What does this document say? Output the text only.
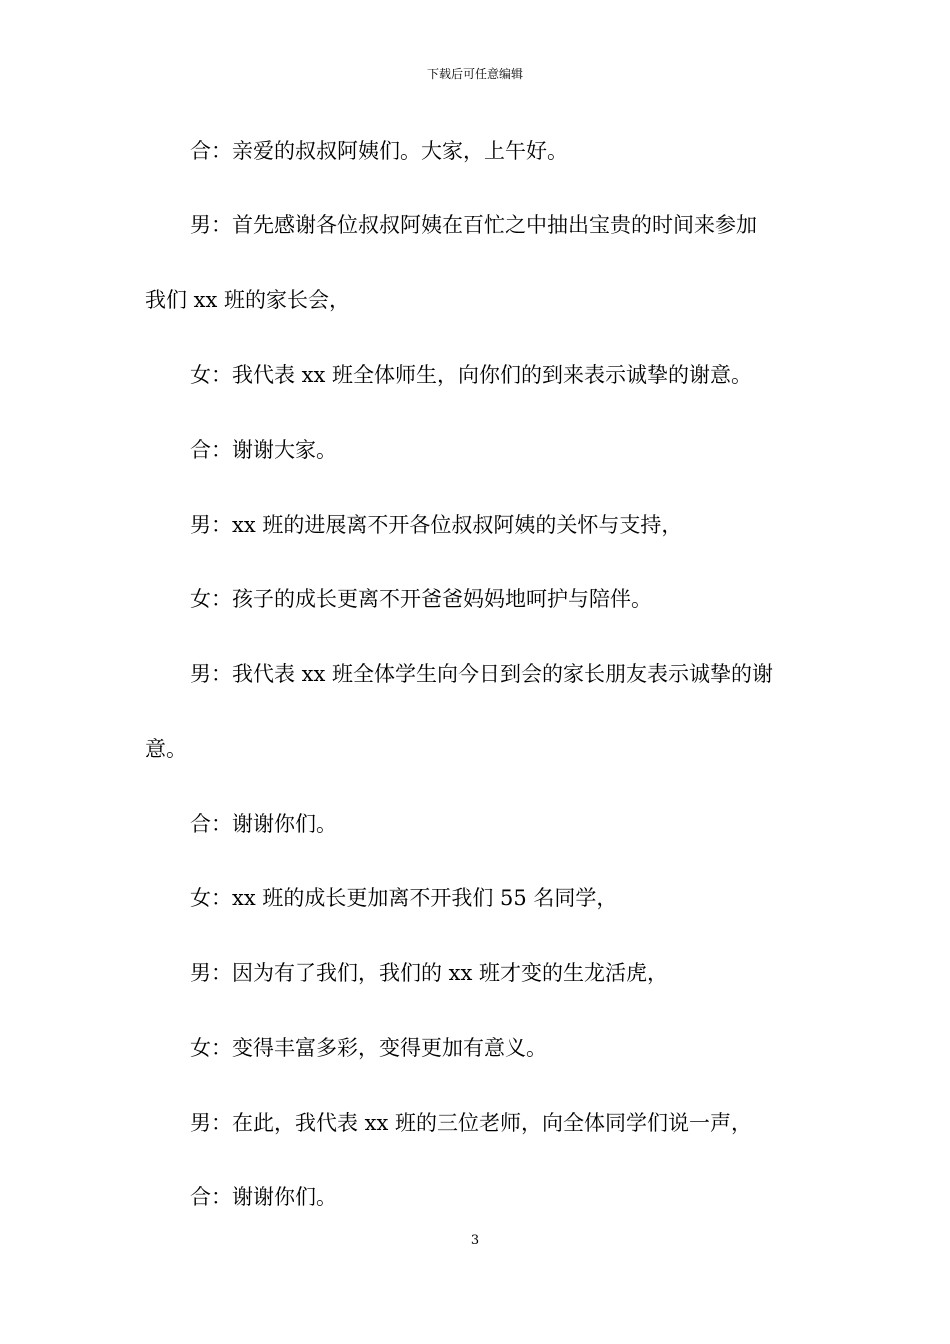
下载后可任意编辑
合：亲爱的叔叔阿姨们。大家，上午好。
男：首先感谢各位叔叔阿姨在百忙之中抽出宝贵的时间来参加
我们 xx 班的家长会，
女：我代表 xx 班全体师生，向你们的到来表示诚挚的谢意。
合：谢谢大家。
男：xx 班的进展离不开各位叔叔阿姨的关怀与支持，
女：孩子的成长更离不开爸爸妈妈地呵护与陪伴。
男：我代表 xx 班全体学生向今日到会的家长朋友表示诚挚的谢
意。
合：谢谢你们。
女：xx 班的成长更加离不开我们 55 名同学，
男：因为有了我们，我们的 xx 班才变的生龙活虎，
女：变得丰富多彩，变得更加有意义。
男：在此，我代表 xx 班的三位老师，向全体同学们说一声，
合：谢谢你们。
3
